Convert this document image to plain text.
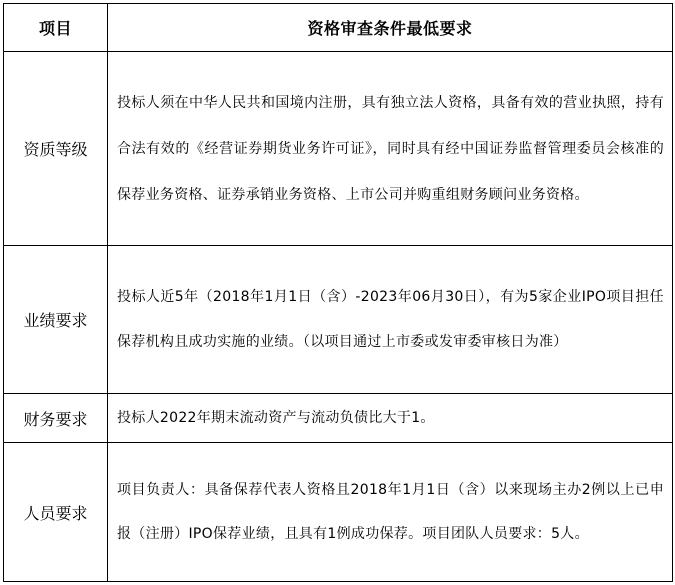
项目	资格审查条件最低要求
资质等级	投标人须在中华人民共和国境内注册，具有独立法人资格，具备有效的营业执照，持有合法有效的《经营证券期货业务许可证》，同时具有经中国证券监督管理委员会核准的保荐业务资格、证券承销业务资格、上市公司并购重组财务顾问业务资格。
业绩要求	投标人近5年（2018年1月1日（含）-2023年06月30日），有为5家企业IPO项目担任保荐机构且成功实施的业绩。（以项目通过上市委或发审委审核日为准）
财务要求	投标人2022年期末流动资产与流动负债比大于1。
人员要求	项目负责人：具备保荐代表人资格且2018年1月1日（含）以来现场主办2例以上已申报（注册）IPO保荐业绩，且具有1例成功保荐。项目团队人员要求：5人。
